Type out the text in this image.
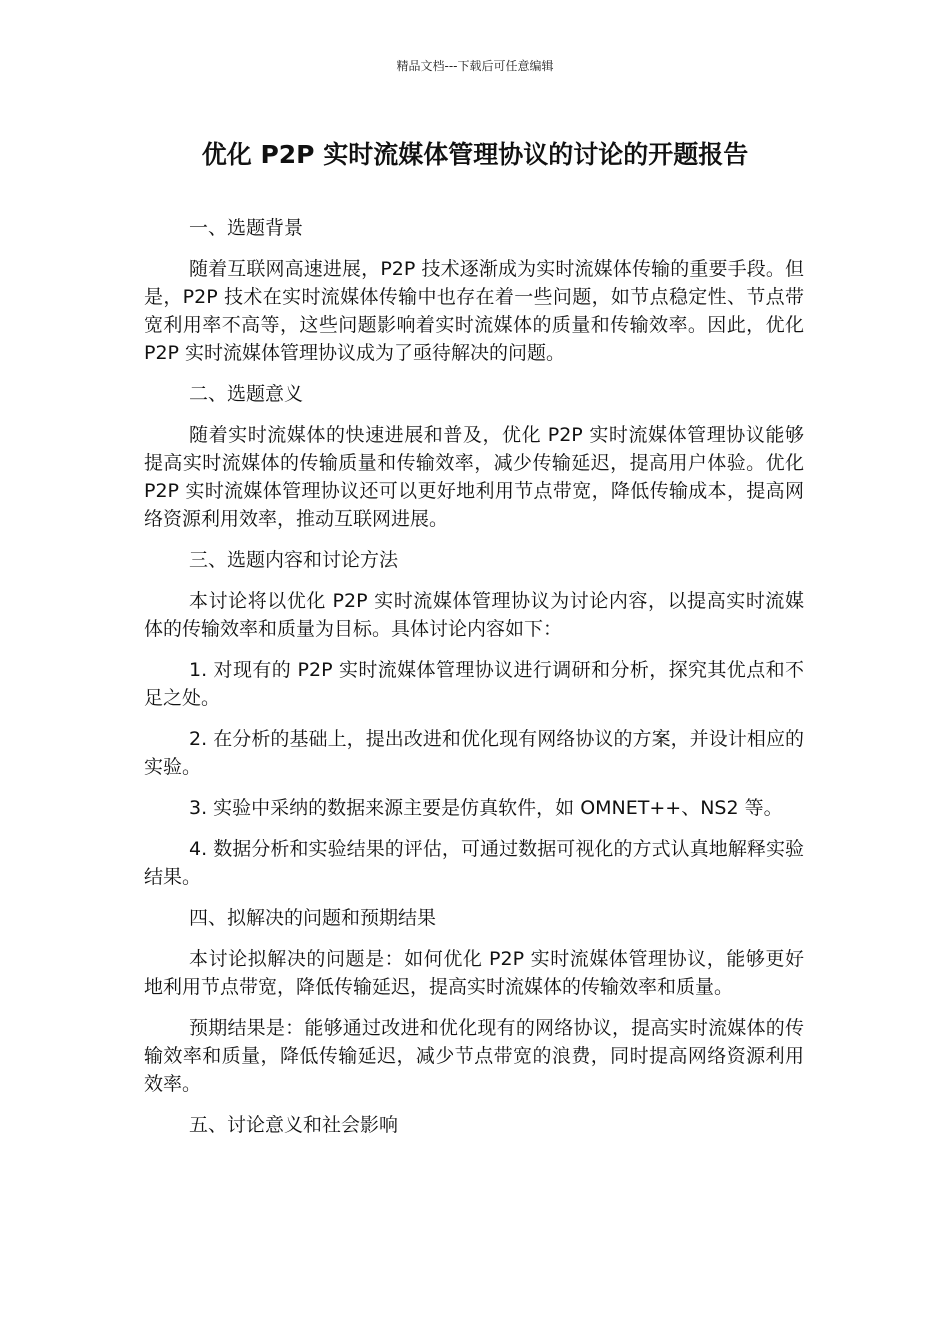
精品文档---下载后可任意编辑
优化 P2P 实时流媒体管理协议的讨论的开题报告

一、选题背景

随着互联网高速进展，P2P 技术逐渐成为实时流媒体传输的重要手段。但是，P2P 技术在实时流媒体传输中也存在着一些问题，如节点稳定性、节点带宽利用率不高等，这些问题影响着实时流媒体的质量和传输效率。因此，优化 P2P 实时流媒体管理协议成为了亟待解决的问题。

二、选题意义

随着实时流媒体的快速进展和普及，优化 P2P 实时流媒体管理协议能够提高实时流媒体的传输质量和传输效率，减少传输延迟，提高用户体验。优化 P2P 实时流媒体管理协议还可以更好地利用节点带宽，降低传输成本，提高网络资源利用效率，推动互联网进展。

三、选题内容和讨论方法

本讨论将以优化 P2P 实时流媒体管理协议为讨论内容，以提高实时流媒体的传输效率和质量为目标。具体讨论内容如下：

1. 对现有的 P2P 实时流媒体管理协议进行调研和分析，探究其优点和不足之处。

2. 在分析的基础上，提出改进和优化现有网络协议的方案，并设计相应的实验。

3. 实验中采纳的数据来源主要是仿真软件，如 OMNET++、NS2 等。

4. 数据分析和实验结果的评估，可通过数据可视化的方式认真地解释实验结果。

四、拟解决的问题和预期结果

本讨论拟解决的问题是：如何优化 P2P 实时流媒体管理协议，能够更好地利用节点带宽，降低传输延迟，提高实时流媒体的传输效率和质量。

预期结果是：能够通过改进和优化现有的网络协议，提高实时流媒体的传输效率和质量，降低传输延迟，减少节点带宽的浪费，同时提高网络资源利用效率。

五、讨论意义和社会影响
